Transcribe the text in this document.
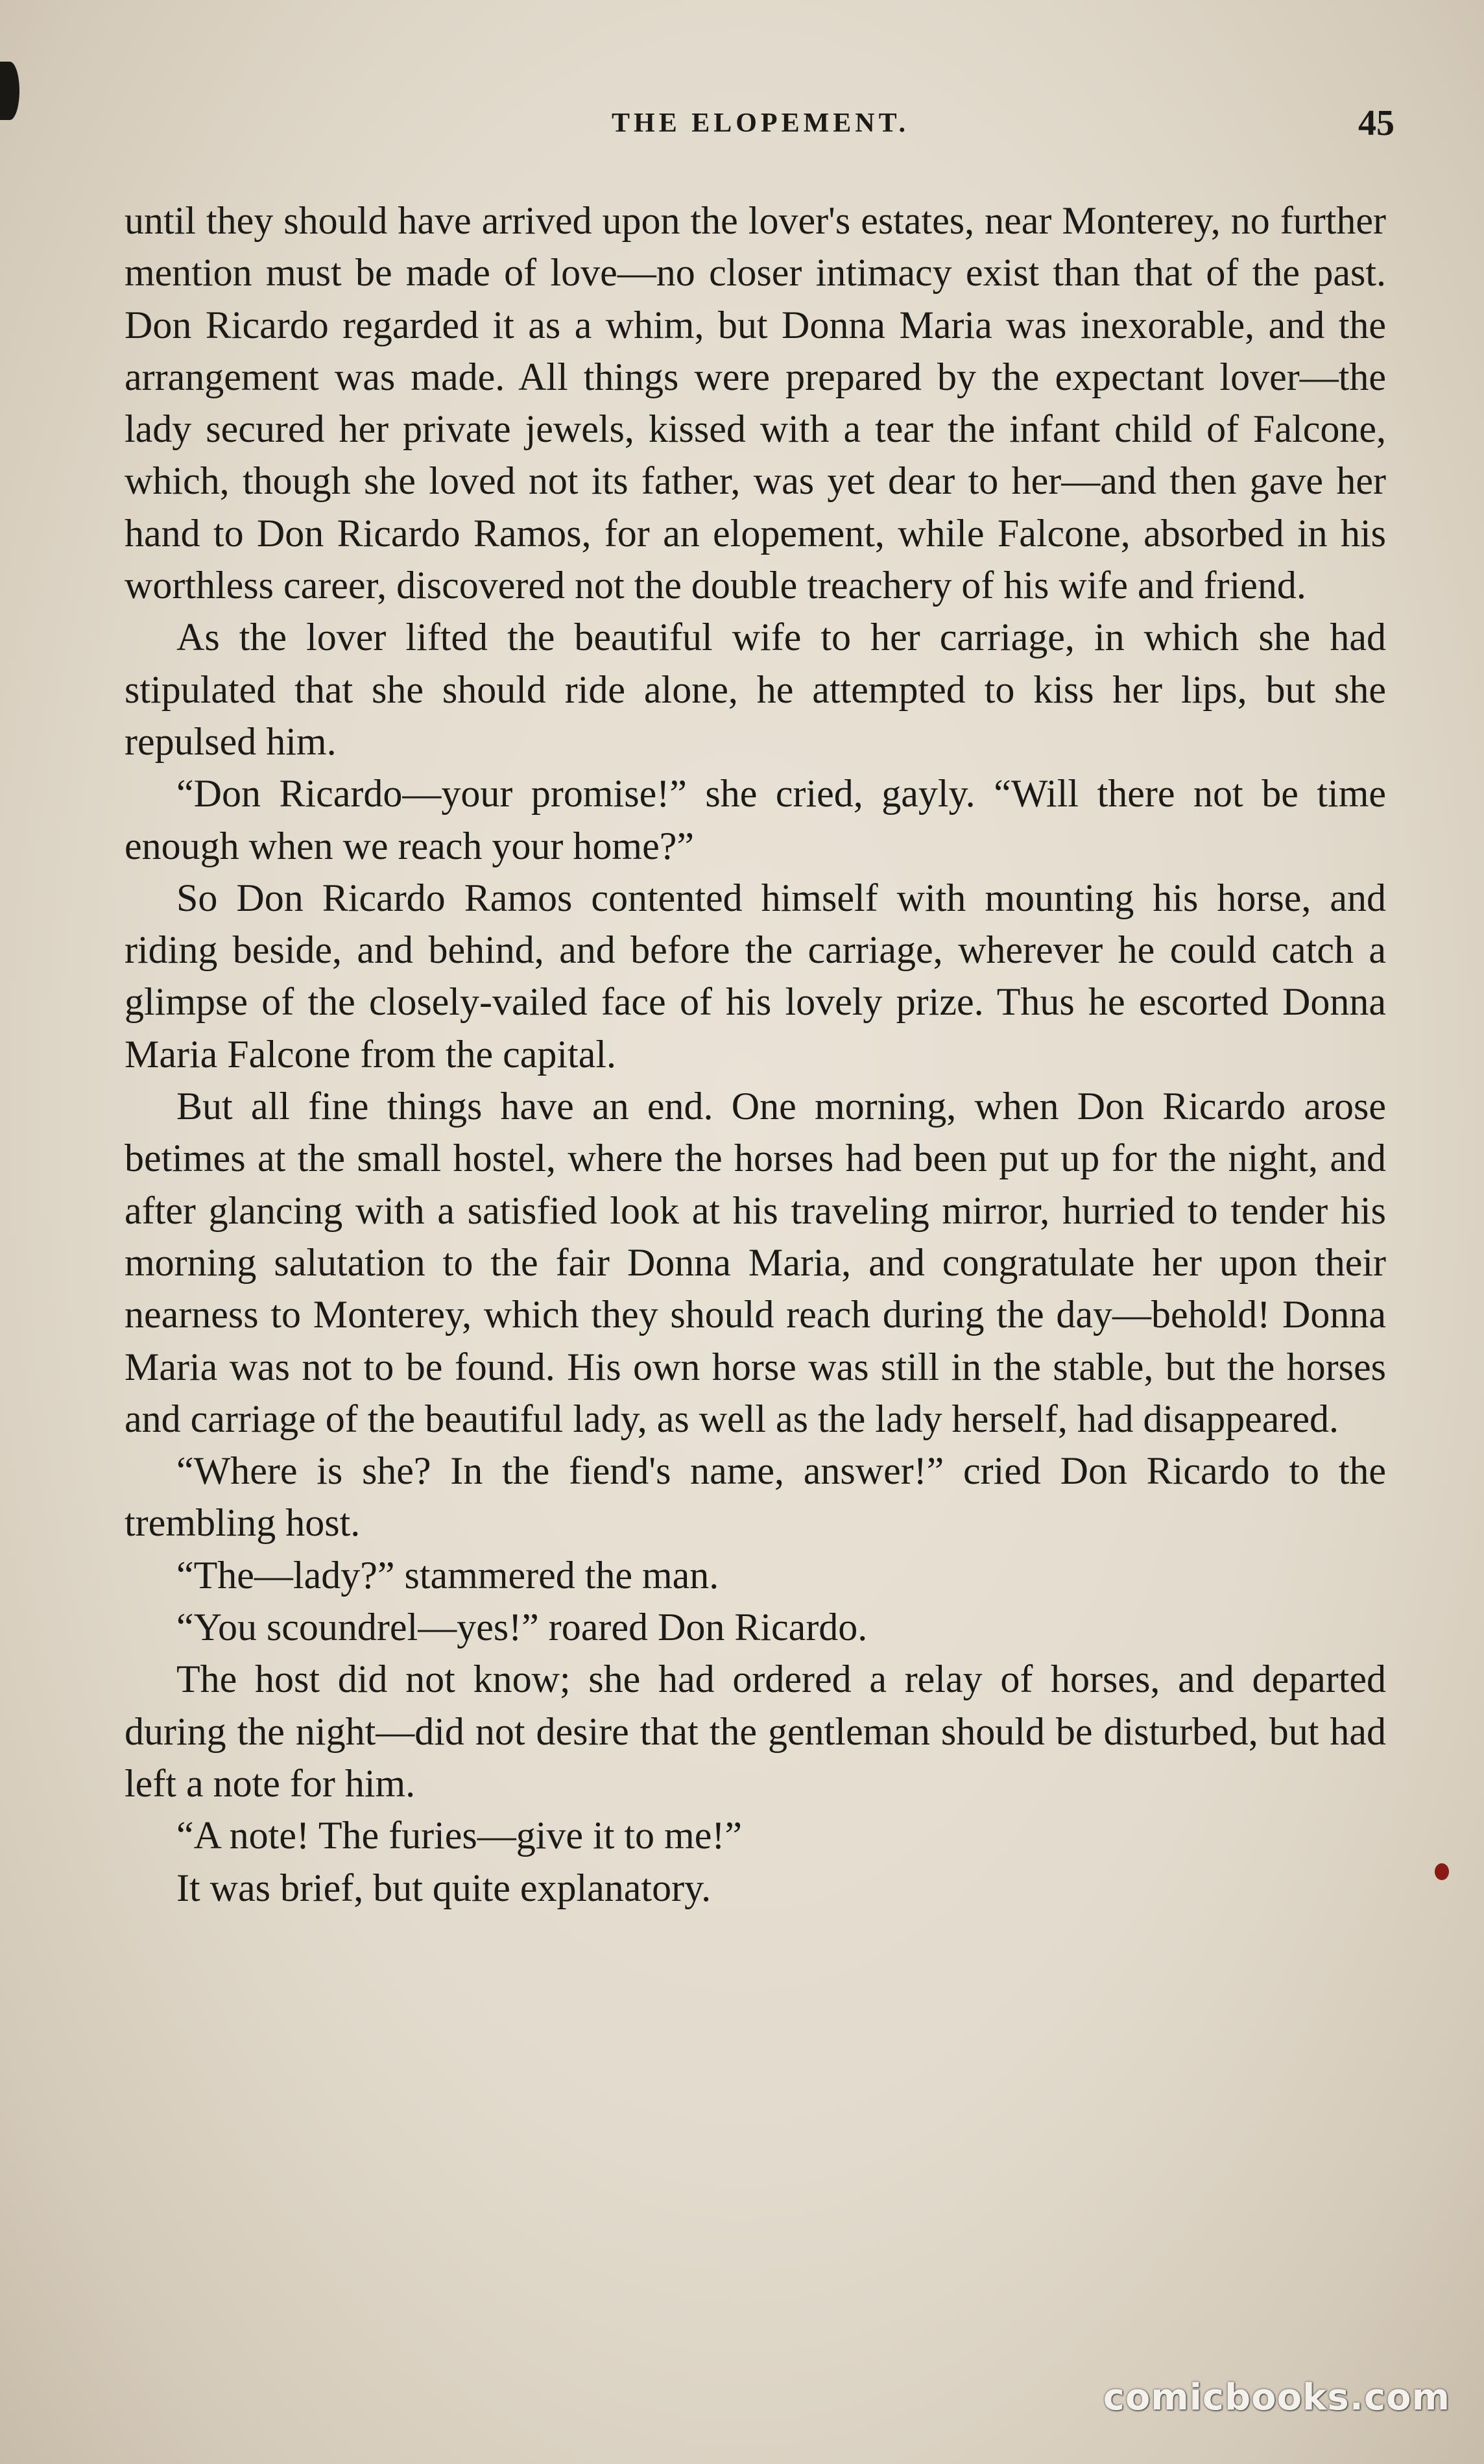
THE ELOPEMENT.	45

until they should have arrived upon the lover's estates, near Monterey, no further mention must be made of love—no closer intimacy exist than that of the past. Don Ricardo regarded it as a whim, but Donna Maria was inexorable, and the arrangement was made. All things were prepared by the expectant lover—the lady secured her private jewels, kissed with a tear the infant child of Falcone, which, though she loved not its father, was yet dear to her—and then gave her hand to Don Ricardo Ramos, for an elopement, while Falcone, absorbed in his worthless career, discovered not the double treachery of his wife and friend.

As the lover lifted the beautiful wife to her carriage, in which she had stipulated that she should ride alone, he attempted to kiss her lips, but she repulsed him.

“Don Ricardo—your promise!” she cried, gayly. “Will there not be time enough when we reach your home?”

So Don Ricardo Ramos contented himself with mounting his horse, and riding beside, and behind, and before the carriage, wherever he could catch a glimpse of the closely-vailed face of his lovely prize. Thus he escorted Donna Maria Falcone from the capital.

But all fine things have an end. One morning, when Don Ricardo arose betimes at the small hostel, where the horses had been put up for the night, and after glancing with a satisfied look at his traveling mirror, hurried to tender his morning salutation to the fair Donna Maria, and congratulate her upon their nearness to Monterey, which they should reach during the day—behold! Donna Maria was not to be found. His own horse was still in the stable, but the horses and carriage of the beautiful lady, as well as the lady herself, had disappeared.

“Where is she? In the fiend's name, answer!” cried Don Ricardo to the trembling host.

“The—lady?” stammered the man.

“You scoundrel—yes!” roared Don Ricardo.

The host did not know; she had ordered a relay of horses, and departed during the night—did not desire that the gentleman should be disturbed, but had left a note for him.

“A note! The furies—give it to me!”

It was brief, but quite explanatory.

comicbooks.com
